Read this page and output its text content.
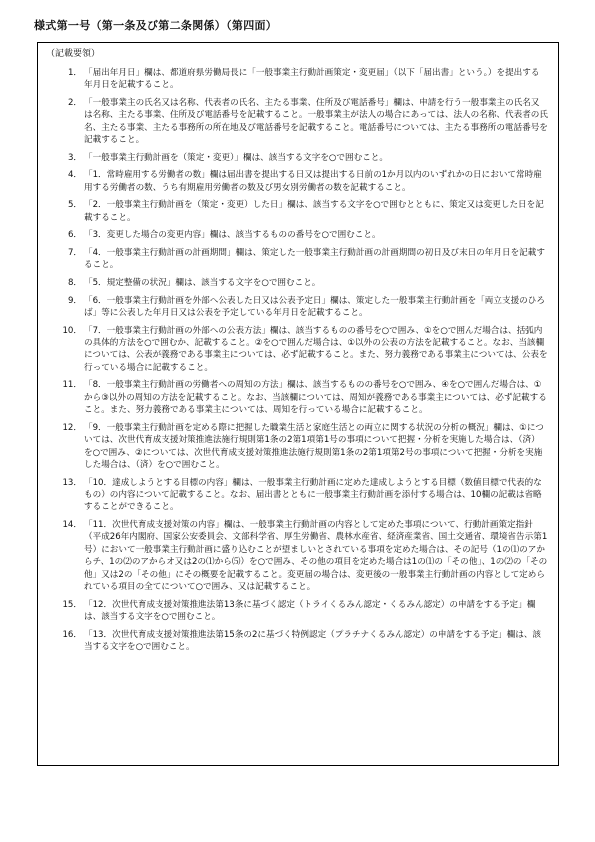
様式第一号（第一条及び第二条関係）（第四面）
（記載要領）
1． 「届出年月日」欄は、都道府県労働局長に「一般事業主行動計画策定・変更届」（以下「届出書」という。）を提出する年月日を記載すること。
2． 「一般事業主の氏名又は名称、代表者の氏名、主たる事業、住所及び電話番号」欄は、申請を行う一般事業主の氏名又は名称、主たる事業、住所及び電話番号を記載すること。一般事業主が法人の場合にあっては、法人の名称、代表者の氏名、主たる事業、主たる事務所の所在地及び電話番号を記載すること。電話番号については、主たる事務所の電話番号を記載すること。
3． 「一般事業主行動計画を（策定・変更）」欄は、該当する文字を○で囲むこと。
4． 「1．常時雇用する労働者の数」欄は届出書を提出する日又は提出する日前の1か月以内のいずれかの日において常時雇用する労働者の数、うち有期雇用労働者の数及び男女別労働者の数を記載すること。
5． 「2．一般事業主行動計画を（策定・変更）した日」欄は、該当する文字を○で囲むとともに、策定又は変更した日を記載すること。
6． 「3．変更した場合の変更内容」欄は、該当するものの番号を○で囲むこと。
7． 「4．一般事業主行動計画の計画期間」欄は、策定した一般事業主行動計画の計画期間の初日及び末日の年月日を記載すること。
8． 「5．規定整備の状況」欄は、該当する文字を○で囲むこと。
9． 「6．一般事業主行動計画を外部へ公表した日又は公表予定日」欄は、策定した一般事業主行動計画を「両立支援のひろば」等に公表した年月日又は公表を予定している年月日を記載すること。
10． 「7．一般事業主行動計画の外部への公表方法」欄は、該当するものの番号を○で囲み、①を○で囲んだ場合は、括弧内の具体的方法を○で囲むか、記載すること。②を○で囲んだ場合は、①以外の公表の方法を記載すること。なお、当該欄については、公表が義務である事業主については、必ず記載すること。また、努力義務である事業主については、公表を行っている場合に記載すること。
11． 「8．一般事業主行動計画の労働者への周知の方法」欄は、該当するものの番号を○で囲み、④を○で囲んだ場合は、①から③以外の周知の方法を記載すること。なお、当該欄については、周知が義務である事業主については、必ず記載すること。また、努力義務である事業主については、周知を行っている場合に記載すること。
12． 「9．一般事業主行動計画を定める際に把握した職業生活と家庭生活との両立に関する状況の分析の概況」欄は、①については、次世代育成支援対策推進法施行規則第1条の2第1項第1号の事項について把握・分析を実施した場合は、（済）を○で囲み、②については、次世代育成支援対策推進法施行規則第1条の2第1項第2号の事項について把握・分析を実施した場合は、（済）を○で囲むこと。
13． 「10．達成しようとする目標の内容」欄は、一般事業主行動計画に定めた達成しようとする目標（数値目標で代表的なもの）の内容について記載すること。なお、届出書とともに一般事業主行動計画を添付する場合は、10欄の記載は省略することができること。
14． 「11．次世代育成支援対策の内容」欄は、一般事業主行動計画の内容として定めた事項について、行動計画策定指針（平成26年内閣府、国家公安委員会、文部科学省、厚生労働省、農林水産省、経済産業省、国土交通省、環境省告示第1号）において一般事業主行動計画に盛り込むことが望ましいとされている事項を定めた場合は、その記号（1の⑴のアからチ、1の⑵のアからオ又は2の⑴から⑸）を○で囲み、その他の項目を定めた場合は1の⑴の「その他」、1の⑵の「その他」又は2の「その他」にその概要を記載すること。変更届の場合は、変更後の一般事業主行動計画の内容として定められている項目の全てについて○で囲み、又は記載すること。
15． 「12．次世代育成支援対策推進法第13条に基づく認定（トライくるみん認定・くるみん認定）の申請をする予定」欄は、該当する文字を○で囲むこと。
16． 「13．次世代育成支援対策推進法第15条の2に基づく特例認定（プラチナくるみん認定）の申請をする予定」欄は、該当する文字を○で囲むこと。
